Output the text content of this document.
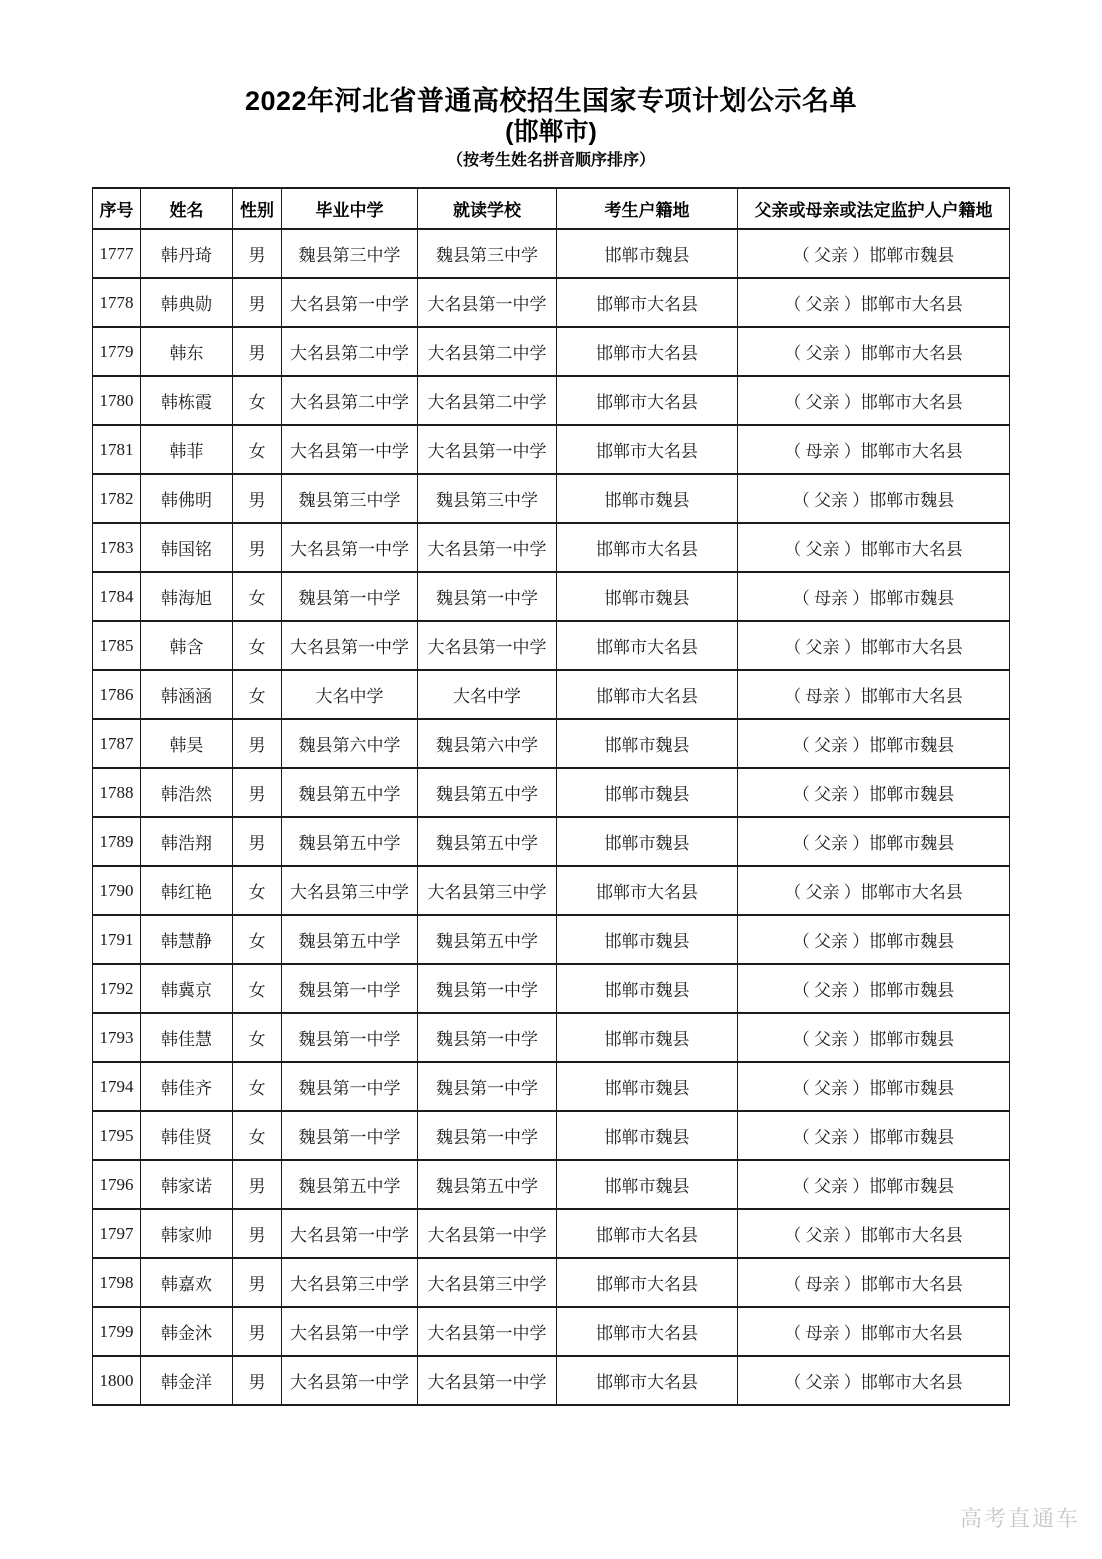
2022年河北省普通高校招生国家专项计划公示名单
(邯郸市)
（按考生姓名拼音顺序排序）
序号	姓名	性别	毕业中学	就读学校	考生户籍地	父亲或母亲或法定监护人户籍地
1777	韩丹琦	男	魏县第三中学	魏县第三中学	邯郸市魏县	（ 父亲 ）邯郸市魏县
1778	韩典勋	男	大名县第一中学	大名县第一中学	邯郸市大名县	（ 父亲 ）邯郸市大名县
1779	韩东	男	大名县第二中学	大名县第二中学	邯郸市大名县	（ 父亲 ）邯郸市大名县
1780	韩栋霞	女	大名县第二中学	大名县第二中学	邯郸市大名县	（ 父亲 ）邯郸市大名县
1781	韩菲	女	大名县第一中学	大名县第一中学	邯郸市大名县	（ 母亲 ）邯郸市大名县
1782	韩佛明	男	魏县第三中学	魏县第三中学	邯郸市魏县	（ 父亲 ）邯郸市魏县
1783	韩国铭	男	大名县第一中学	大名县第一中学	邯郸市大名县	（ 父亲 ）邯郸市大名县
1784	韩海旭	女	魏县第一中学	魏县第一中学	邯郸市魏县	（ 母亲 ）邯郸市魏县
1785	韩含	女	大名县第一中学	大名县第一中学	邯郸市大名县	（ 父亲 ）邯郸市大名县
1786	韩涵涵	女	大名中学	大名中学	邯郸市大名县	（ 母亲 ）邯郸市大名县
1787	韩昊	男	魏县第六中学	魏县第六中学	邯郸市魏县	（ 父亲 ）邯郸市魏县
1788	韩浩然	男	魏县第五中学	魏县第五中学	邯郸市魏县	（ 父亲 ）邯郸市魏县
1789	韩浩翔	男	魏县第五中学	魏县第五中学	邯郸市魏县	（ 父亲 ）邯郸市魏县
1790	韩红艳	女	大名县第三中学	大名县第三中学	邯郸市大名县	（ 父亲 ）邯郸市大名县
1791	韩慧静	女	魏县第五中学	魏县第五中学	邯郸市魏县	（ 父亲 ）邯郸市魏县
1792	韩冀京	女	魏县第一中学	魏县第一中学	邯郸市魏县	（ 父亲 ）邯郸市魏县
1793	韩佳慧	女	魏县第一中学	魏县第一中学	邯郸市魏县	（ 父亲 ）邯郸市魏县
1794	韩佳齐	女	魏县第一中学	魏县第一中学	邯郸市魏县	（ 父亲 ）邯郸市魏县
1795	韩佳贤	女	魏县第一中学	魏县第一中学	邯郸市魏县	（ 父亲 ）邯郸市魏县
1796	韩家诺	男	魏县第五中学	魏县第五中学	邯郸市魏县	（ 父亲 ）邯郸市魏县
1797	韩家帅	男	大名县第一中学	大名县第一中学	邯郸市大名县	（ 父亲 ）邯郸市大名县
1798	韩嘉欢	男	大名县第三中学	大名县第三中学	邯郸市大名县	（ 母亲 ）邯郸市大名县
1799	韩金沐	男	大名县第一中学	大名县第一中学	邯郸市大名县	（ 母亲 ）邯郸市大名县
1800	韩金洋	男	大名县第一中学	大名县第一中学	邯郸市大名县	（ 父亲 ）邯郸市大名县
高考直通车
